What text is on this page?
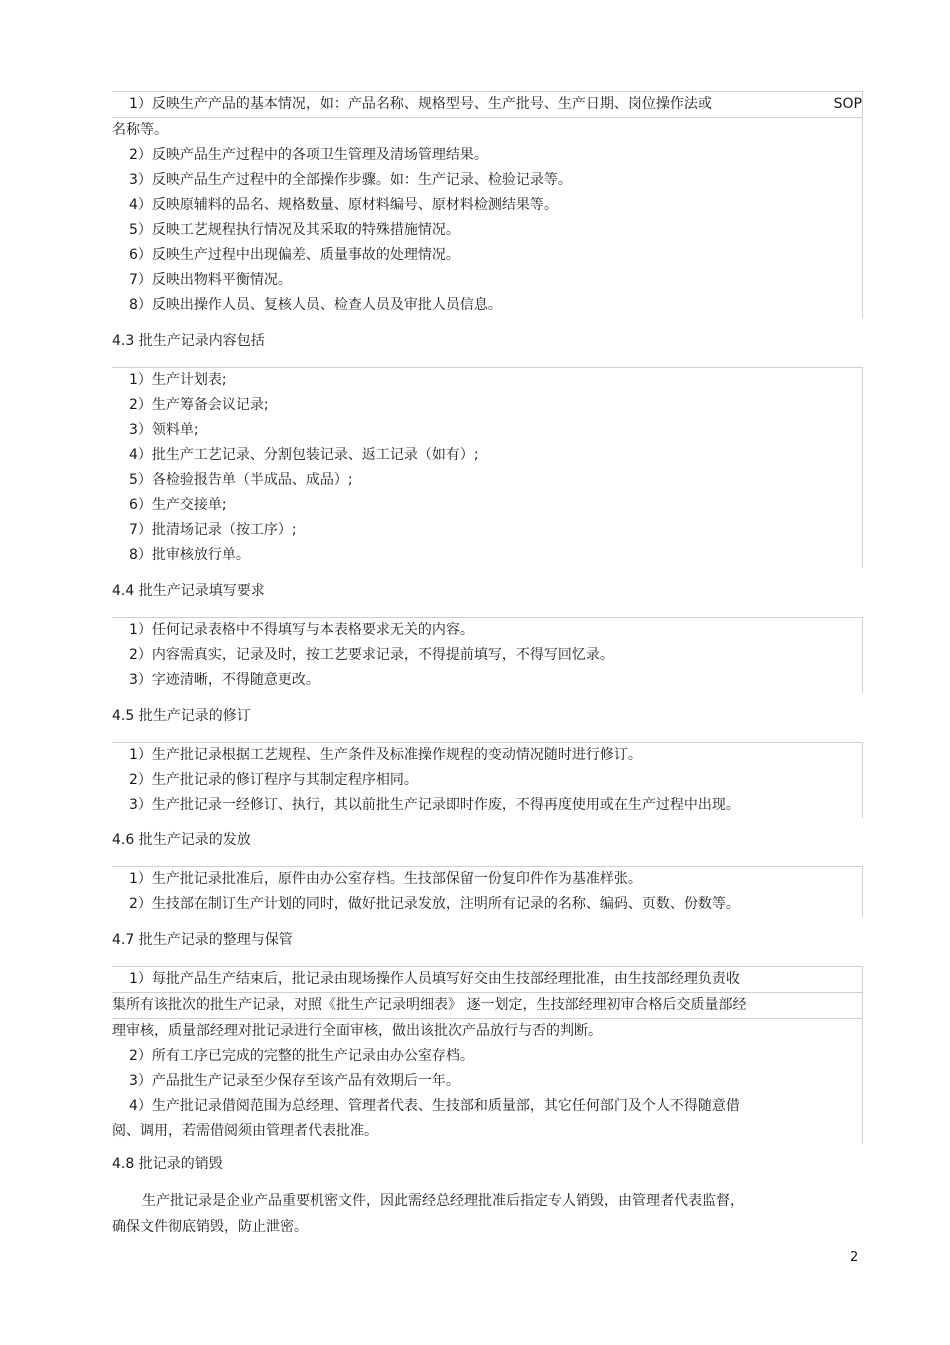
1）反映生产产品的基本情况，如：产品名称、规格型号、生产批号、生产日期、岗位操作法或	SOP
名称等。
2）反映产品生产过程中的各项卫生管理及清场管理结果。
3）反映产品生产过程中的全部操作步骤。如：生产记录、检验记录等。
4）反映原辅料的品名、规格数量、原材料编号、原材料检测结果等。
5）反映工艺规程执行情况及其采取的特殊措施情况。
6）反映生产过程中出现偏差、质量事故的处理情况。
7）反映出物料平衡情况。
8）反映出操作人员、复核人员、检查人员及审批人员信息。
4.3 批生产记录内容包括
1）生产计划表;
2）生产筹备会议记录;
3）领料单;
4）批生产工艺记录、分割包装记录、返工记录（如有）;
5）各检验报告单（半成品、成品）;
6）生产交接单;
7）批清场记录（按工序）;
8）批审核放行单。
4.4 批生产记录填写要求
1）任何记录表格中不得填写与本表格要求无关的内容。
2）内容需真实，记录及时，按工艺要求记录，不得提前填写，不得写回忆录。
3）字迹清晰，不得随意更改。
4.5 批生产记录的修订
1）生产批记录根据工艺规程、生产条件及标准操作规程的变动情况随时进行修订。
2）生产批记录的修订程序与其制定程序相同。
3）生产批记录一经修订、执行，其以前批生产记录即时作废，不得再度使用或在生产过程中出现。
4.6 批生产记录的发放
1）生产批记录批准后，原件由办公室存档。生技部保留一份复印件作为基准样张。
2）生技部在制订生产计划的同时，做好批记录发放，注明所有记录的名称、编码、页数、份数等。
4.7 批生产记录的整理与保管
1）每批产品生产结束后，批记录由现场操作人员填写好交由生技部经理批准，由生技部经理负责收
集所有该批次的批生产记录，对照《批生产记录明细表》 逐一划定，生技部经理初审合格后交质量部经
理审核，质量部经理对批记录进行全面审核，做出该批次产品放行与否的判断。
2）所有工序已完成的完整的批生产记录由办公室存档。
3）产品批生产记录至少保存至该产品有效期后一年。
4）生产批记录借阅范围为总经理、管理者代表、生技部和质量部，其它任何部门及个人不得随意借
阅、调用，若需借阅须由管理者代表批准。
4.8 批记录的销毁
生产批记录是企业产品重要机密文件，因此需经总经理批准后指定专人销毁，由管理者代表监督，
确保文件彻底销毁，防止泄密。
2
